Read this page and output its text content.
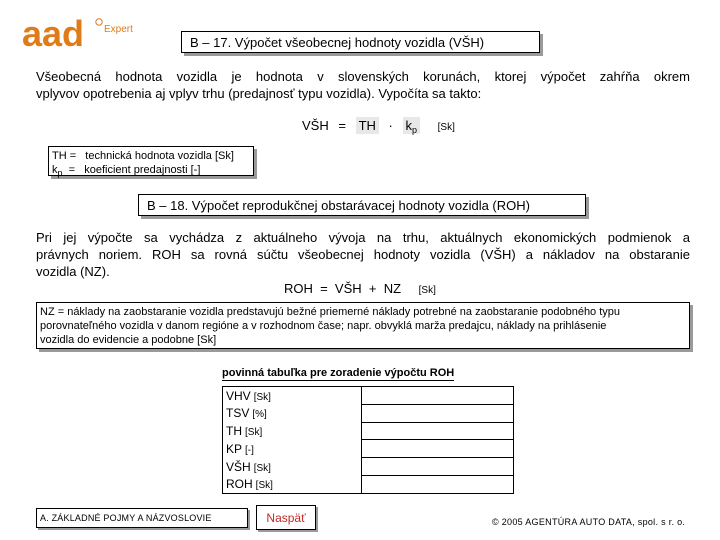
aad Expert
B – 17. Výpočet všeobecnej hodnoty vozidla (VŠH)
Všeobecná hodnota vozidla je hodnota v slovenských korunách, ktorej výpočet zahŕňa okrem
vplyvov opotrebenia aj vplyv trhu (predajnosť typu vozidla). Vypočíta sa takto:
VŠH = TH · $k_p$ [Sk]
TH =   technická hodnota vozidla [Sk]
$k_p$  =   koeficient predajnosti [-]
B – 18. Výpočet reprodukčnej obstarávacej hodnoty vozidla (ROH)
Pri jej výpočte sa vychádza z aktuálneho vývoja na trhu, aktuálnych ekonomických podmienok a
právnych noriem. ROH sa rovná súčtu všeobecnej hodnoty vozidla (VŠH) a nákladov na obstaranie
vozidla (NZ).
ROH  =  VŠH  +  NZ [Sk]
NZ = náklady na zaobstaranie vozidla predstavujú bežné priemerné náklady potrebné na zaobstaranie podobného typu
porovnateľného vozidla v danom regióne a v rozhodnom čase; napr. obvyklá marža predajcu, náklady na prihlásenie
vozidla do evidencie a podobne [Sk]
povinná tabuľka pre zoradenie výpočtu ROH
VHV [Sk]	
TSV [%]	
TH [Sk]	
KP [-]	
VŠH [Sk]	
ROH [Sk]	
A. ZÁKLADNÉ POJMY A NÁZVOSLOVIE	Naspäť	© 2005 AGENTÚRA AUTO DATA, spol. s r. o.
